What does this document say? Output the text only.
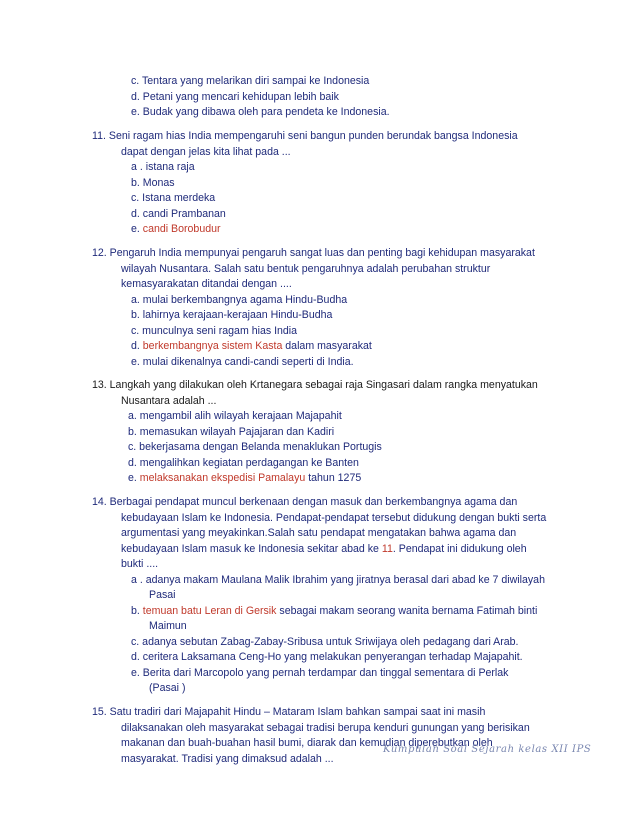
c. Tentara yang melarikan diri sampai ke Indonesia
d. Petani yang mencari kehidupan lebih baik
e. Budak yang dibawa oleh para pendeta ke Indonesia.
11. Seni ragam hias India mempengaruhi seni bangun punden berundak bangsa Indonesia
dapat dengan jelas kita lihat pada ...
a . istana raja
b. Monas
c. Istana merdeka
d. candi Prambanan
e. candi Borobudur
12. Pengaruh India mempunyai pengaruh sangat luas dan penting bagi kehidupan masyarakat
wilayah Nusantara. Salah satu bentuk pengaruhnya adalah perubahan struktur
kemasyarakatan ditandai dengan ....
a. mulai berkembangnya agama Hindu-Budha
b. lahirnya kerajaan-kerajaan Hindu-Budha
c. munculnya seni ragam hias India
d. berkembangnya sistem Kasta dalam masyarakat
e. mulai dikenalnya candi-candi seperti di India.
13. Langkah yang dilakukan oleh Krtanegara sebagai raja Singasari dalam rangka menyatukan
Nusantara adalah ...
a. mengambil alih wilayah kerajaan Majapahit
b. memasukan wilayah Pajajaran dan Kadiri
c. bekerjasama dengan Belanda menaklukan Portugis
d. mengalihkan kegiatan perdagangan ke Banten
e. melaksanakan ekspedisi Pamalayu tahun 1275
14. Berbagai pendapat muncul berkenaan dengan masuk dan berkembangnya agama dan
kebudayaan Islam ke Indonesia. Pendapat-pendapat tersebut didukung dengan bukti serta
argumentasi yang meyakinkan.Salah satu pendapat mengatakan bahwa agama dan
kebudayaan Islam masuk ke Indonesia sekitar abad ke 11. Pendapat ini didukung oleh
bukti ....
a . adanya makam Maulana Malik Ibrahim yang jiratnya berasal dari abad ke 7 diwilayah
Pasai
b. temuan batu Leran di Gersik sebagai makam seorang wanita bernama Fatimah binti
Maimun
c. adanya sebutan Zabag-Zabay-Sribusa untuk Sriwijaya oleh pedagang dari Arab.
d. ceritera Laksamana Ceng-Ho yang melakukan penyerangan terhadap Majapahit.
e. Berita dari Marcopolo yang pernah terdampar dan tinggal sementara di Perlak
(Pasai )
15. Satu tradiri dari Majapahit Hindu – Mataram Islam bahkan sampai saat ini masih
dilaksanakan oleh masyarakat sebagai tradisi berupa kenduri gunungan yang berisikan
makanan dan buah-buahan hasil bumi, diarak dan kemudian diperebutkan oleh
masyarakat. Tradisi yang dimaksud adalah ...
Kumpulan Soal Sejarah kelas XII IPS
